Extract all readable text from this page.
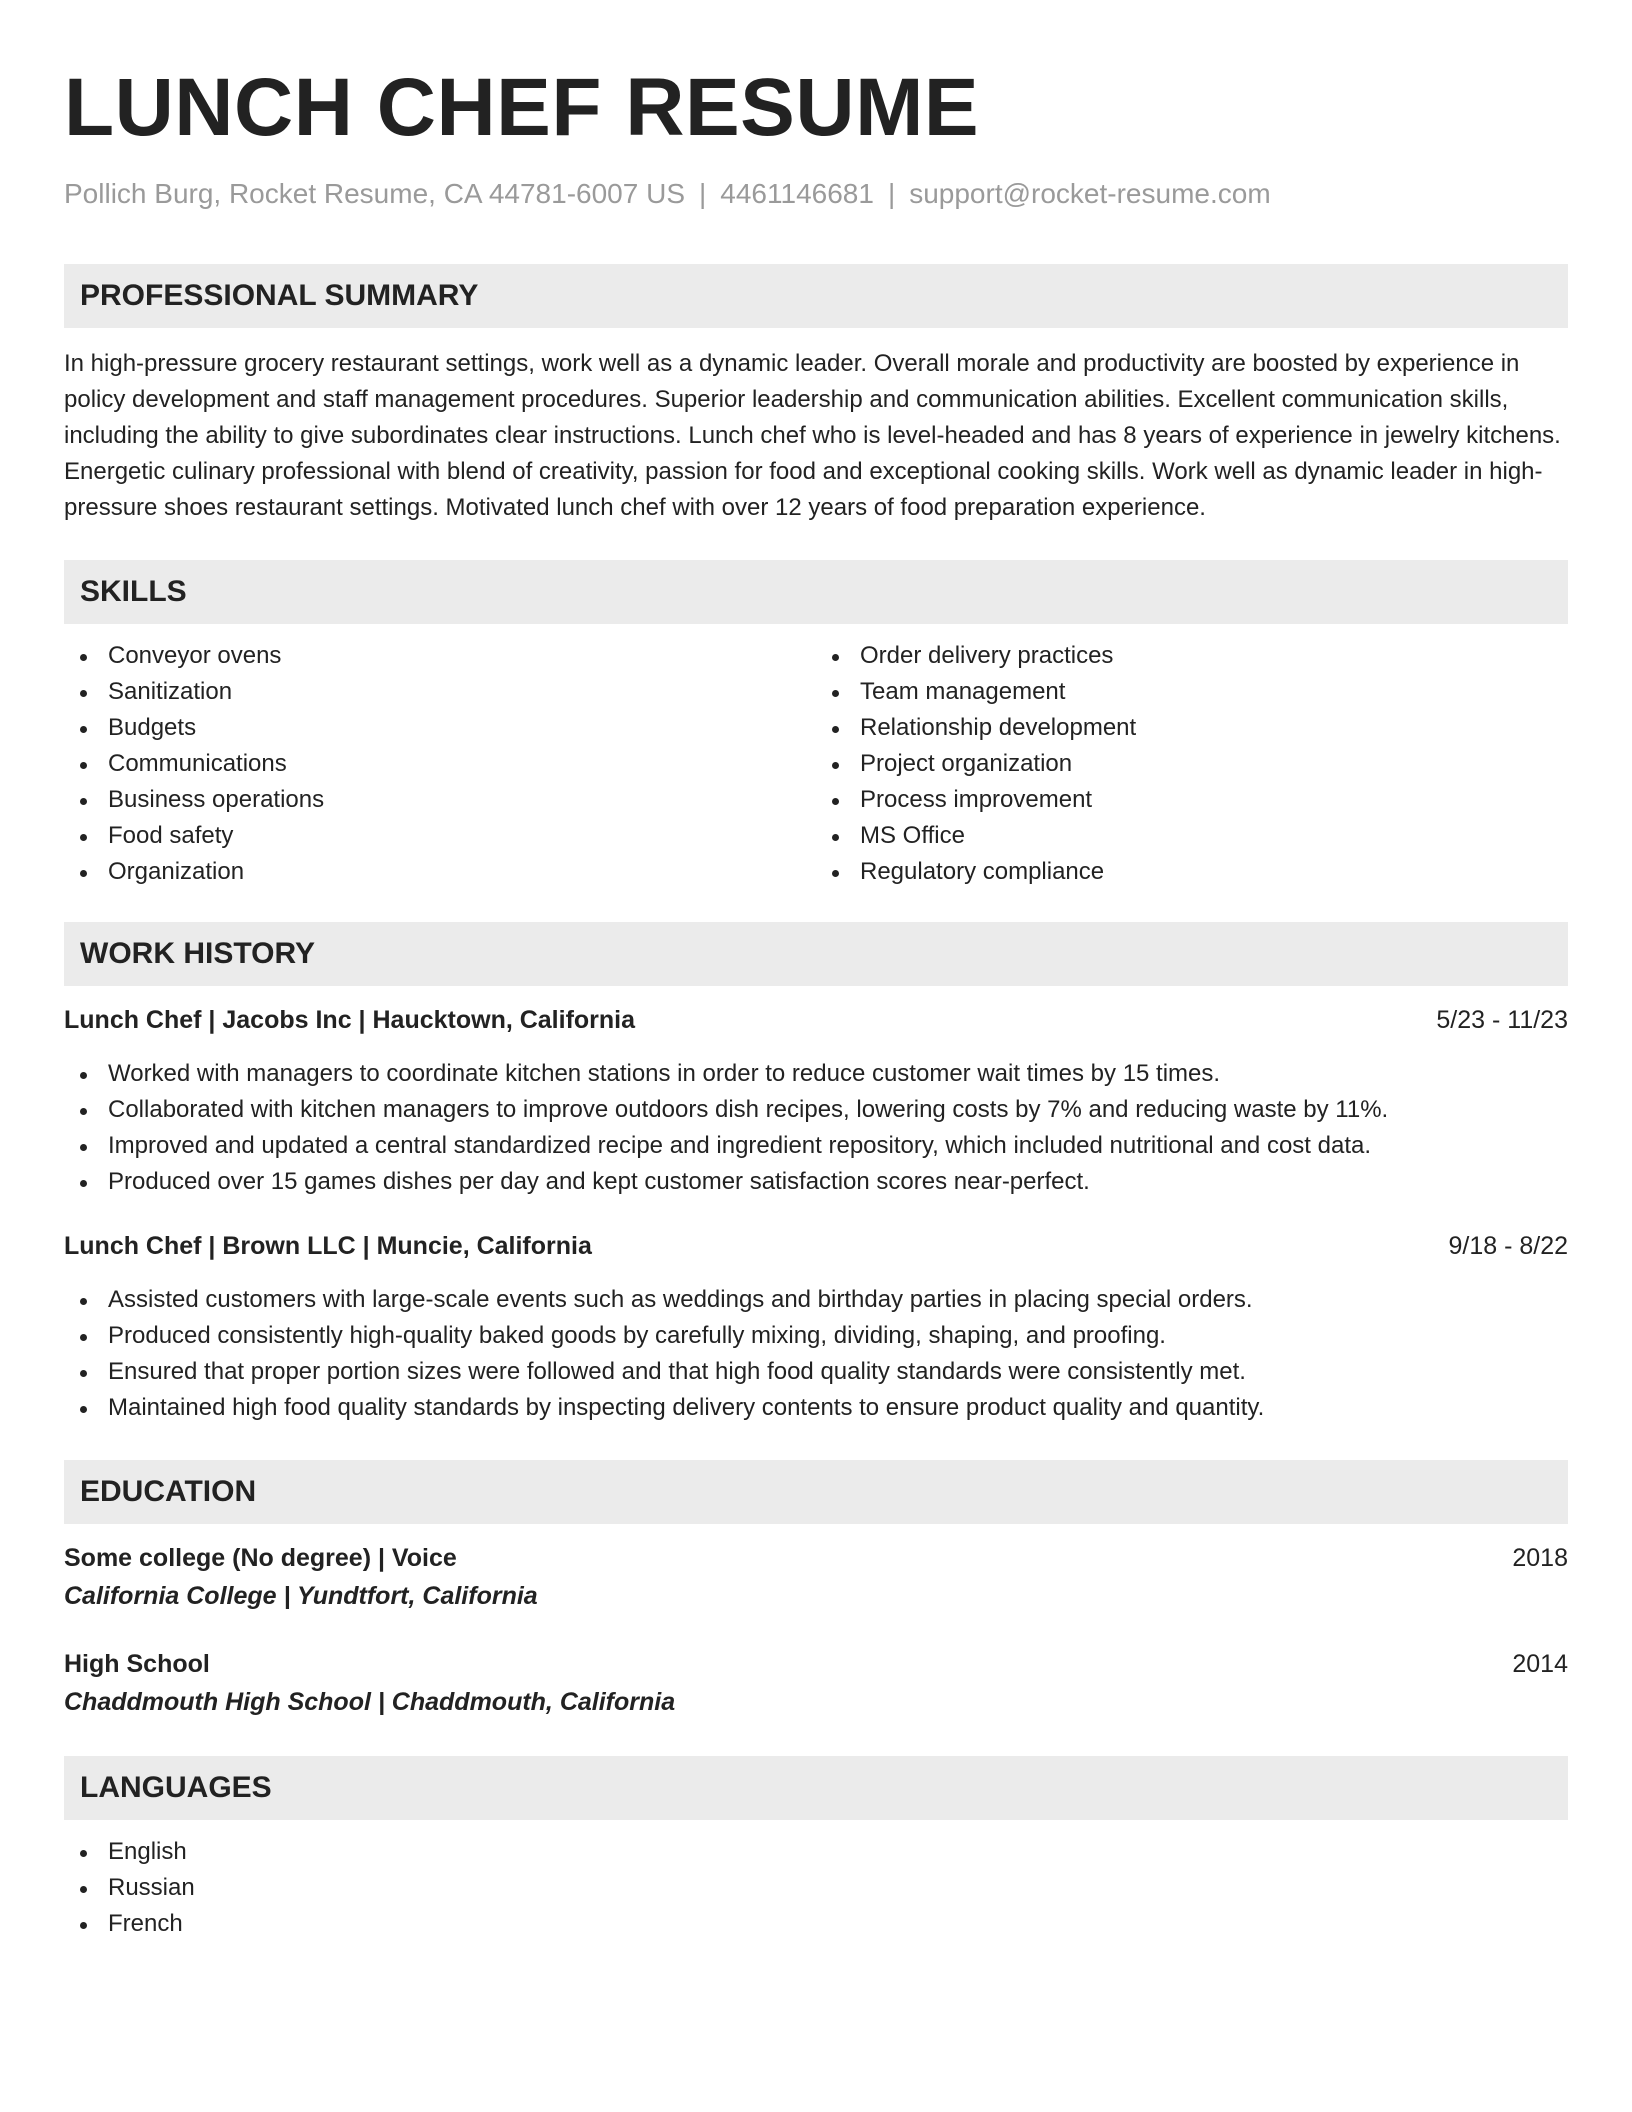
LUNCH CHEF RESUME
Pollich Burg, Rocket Resume, CA 44781-6007 US | 4461146681 | support@rocket-resume.com
PROFESSIONAL SUMMARY

In high-pressure grocery restaurant settings, work well as a dynamic leader. Overall morale and productivity are boosted by experience in policy development and staff management procedures. Superior leadership and communication abilities. Excellent communication skills, including the ability to give subordinates clear instructions. Lunch chef who is level-headed and has 8 years of experience in jewelry kitchens. Energetic culinary professional with blend of creativity, passion for food and exceptional cooking skills. Work well as dynamic leader in high-pressure shoes restaurant settings. Motivated lunch chef with over 12 years of food preparation experience.

SKILLS
Conveyor ovens
Sanitization
Budgets
Communications
Business operations
Food safety
Organization
Order delivery practices
Team management
Relationship development
Project organization
Process improvement
MS Office
Regulatory compliance
WORK HISTORY
Lunch Chef | Jacobs Inc | Haucktown, California	5/23 - 11/23
Worked with managers to coordinate kitchen stations in order to reduce customer wait times by 15 times.
Collaborated with kitchen managers to improve outdoors dish recipes, lowering costs by 7% and reducing waste by 11%.
Improved and updated a central standardized recipe and ingredient repository, which included nutritional and cost data.
Produced over 15 games dishes per day and kept customer satisfaction scores near-perfect.
Lunch Chef | Brown LLC | Muncie, California	9/18 - 8/22
Assisted customers with large-scale events such as weddings and birthday parties in placing special orders.
Produced consistently high-quality baked goods by carefully mixing, dividing, shaping, and proofing.
Ensured that proper portion sizes were followed and that high food quality standards were consistently met.
Maintained high food quality standards by inspecting delivery contents to ensure product quality and quantity.
EDUCATION
Some college (No degree) | Voice	2018
California College | Yundtfort, California
High School	2014
Chaddmouth High School | Chaddmouth, California
LANGUAGES
English
Russian
French
